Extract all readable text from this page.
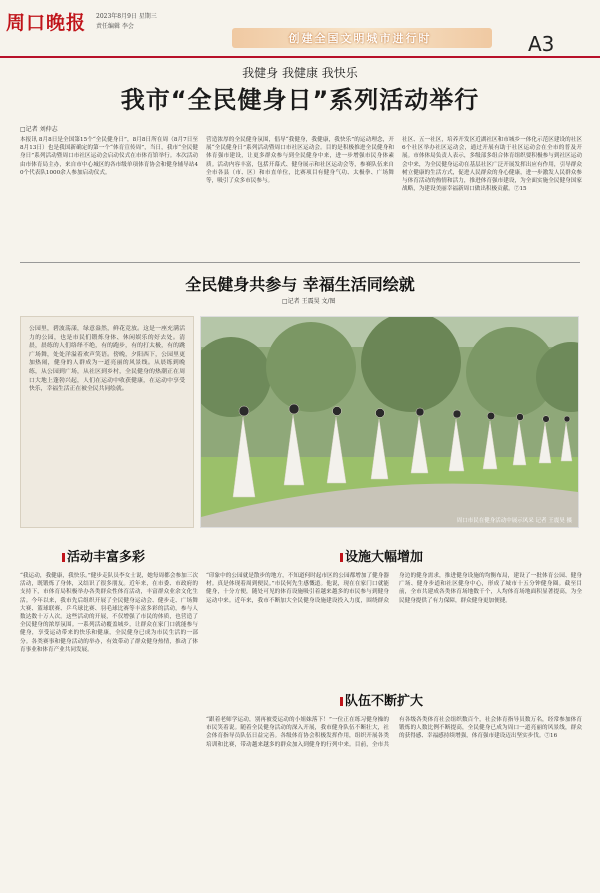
周口晚报 2023年8月9日 星期三
责任编辑 李会
创建全国文明城市进行时	A3
我健身 我健康 我快乐
我市“全民健身日”系列活动举行
□记者 刘仲志
本报讯 8月8日是全国第15个“全民健身日”，8月8日所在周（8月7日至8月13日）也是我国新确定的第一个“体育宣传周”，当日，我市“全民健身日”系列活动暨周口市社区运动会启动仪式在市体育馆举行。本次活动由市体育局主办，来自市中心城区的各市级单项体育协会和健身辅导站40个代表队1000余人参加启动仪式。
营造浓厚的全民健身氛围，倡导“我健身，我健康，我快乐”的运动理念，开展“全民健身日”系列活动暨周口市社区运动会。目的是积极推进全民健身和体育强市建设，让更多群众参与到全民健身中来，进一步增强市民身体素质。活动内容丰富，包括开幕式、健身展示和社区运动会等，参赛队伍来自全市各县（市、区）和市直单位，比赛项目有健身气功、太极拳、广场舞等，吸引了众多市民参与。
社区、五一社区，培养开发区近湖社区和市城乡一体化示范区建设的社区6个社区举办社区运动会，通过开展有助于社区运动会在全市的普及开展。市体体局负责人表示，多级部多组合体育组织要积极参与到社区运动会中来，为全民健身运动在基层社区广泛开展发挥出应有作用，引导群众树立健康的生活方式，促进人民群众的身心健康，进一步激发人民群众参与体育活动的热情和活力，推进体育强市建设，为全面实施全民健身国家战略，为建设美丽幸福新周口做出积极贡献。⑦15
全民健身共参与 幸福生活同绘就
□记者 王震昊 文/图
公园里，碧波荡漾，绿意盎然，鲜花竞放。这是一座充满活力的公园，也是市民们锻炼身体、休闲娱乐的好去处。清晨，晨练的人们络绎不绝，有的跑步，有的打太极，有的跳广场舞，处处洋溢着欢声笑语。傍晚，夕阳西下，公园里更加热闹，健身的人群成为一道亮丽的风景线。从晨练到晚练，从公园到广场，从社区到乡村，全民健身的热潮正在周口大地上蓬勃兴起，人们在运动中收获健康，在运动中享受快乐，幸福生活正在被全民共同绘就。
周口市民在健身活动中展示风采 记者 王震昊 摄
活动丰富多彩
“我运动，我健康，我快乐。”健步走队员李女士说，她每周都会参加三次活动，既锻炼了身体，又结识了很多朋友。近年来，在市委、市政府的支持下，市体育局积极举办各类群众性体育活动，丰富群众业余文化生活。今年以来，我市先后组织开展了全民健身运动会、健步走、广场舞大赛、篮球联赛、乒乓球比赛、羽毛球比赛等丰富多彩的活动，参与人数达数十万人次。这些活动的开展，不仅增强了市民的体质，也营造了全民健身的浓厚氛围。一系列活动覆盖城乡，让群众在家门口就能参与健身，享受运动带来的快乐和健康，全民健身已成为市民生活的一部分。各类赛事和健身活动的举办，有效带动了群众健身热情，推动了体育事业和体育产业共同发展。
设施大幅增加
“印象中的公园就是散步的地方，不知道何时起市区的公园都增加了健身器材。真是体现着周到便民。”市民何先生感慨道。他说，现在在家门口就能健身，十分方便，随处可见的体育设施吸引着越来越多的市民参与到健身运动中来。近年来，我市不断加大全民健身设施建设投入力度，围绕群众身边的健身需求，推进健身设施的均衡布局，建设了一批体育公园、健身广场、健身步道和社区健身中心，形成了城市十五分钟健身圈。截至目前，全市共建成各类体育场地数千个，人均体育场地面积显著提高，为全民健身提供了有力保障，群众健身更加便捷。
队伍不断扩大
“跟着老师学运动，别再被爱运动的小姐妹落下！”一位正在练习健身操的市民笑着说。随着全民健身活动的深入开展，我市健身队伍不断壮大，社会体育指导员队伍日益完善。各级体育协会积极发挥作用，组织开展各类培训和比赛，带动越来越多的群众加入到健身的行列中来。目前，全市共有各级各类体育社会组织数百个，社会体育指导员数万名，经常参加体育锻炼的人数比例不断提高，全民健身已成为周口一道亮丽的风景线，群众的获得感、幸福感持续增强，体育强市建设迈出坚实步伐。⑦16
